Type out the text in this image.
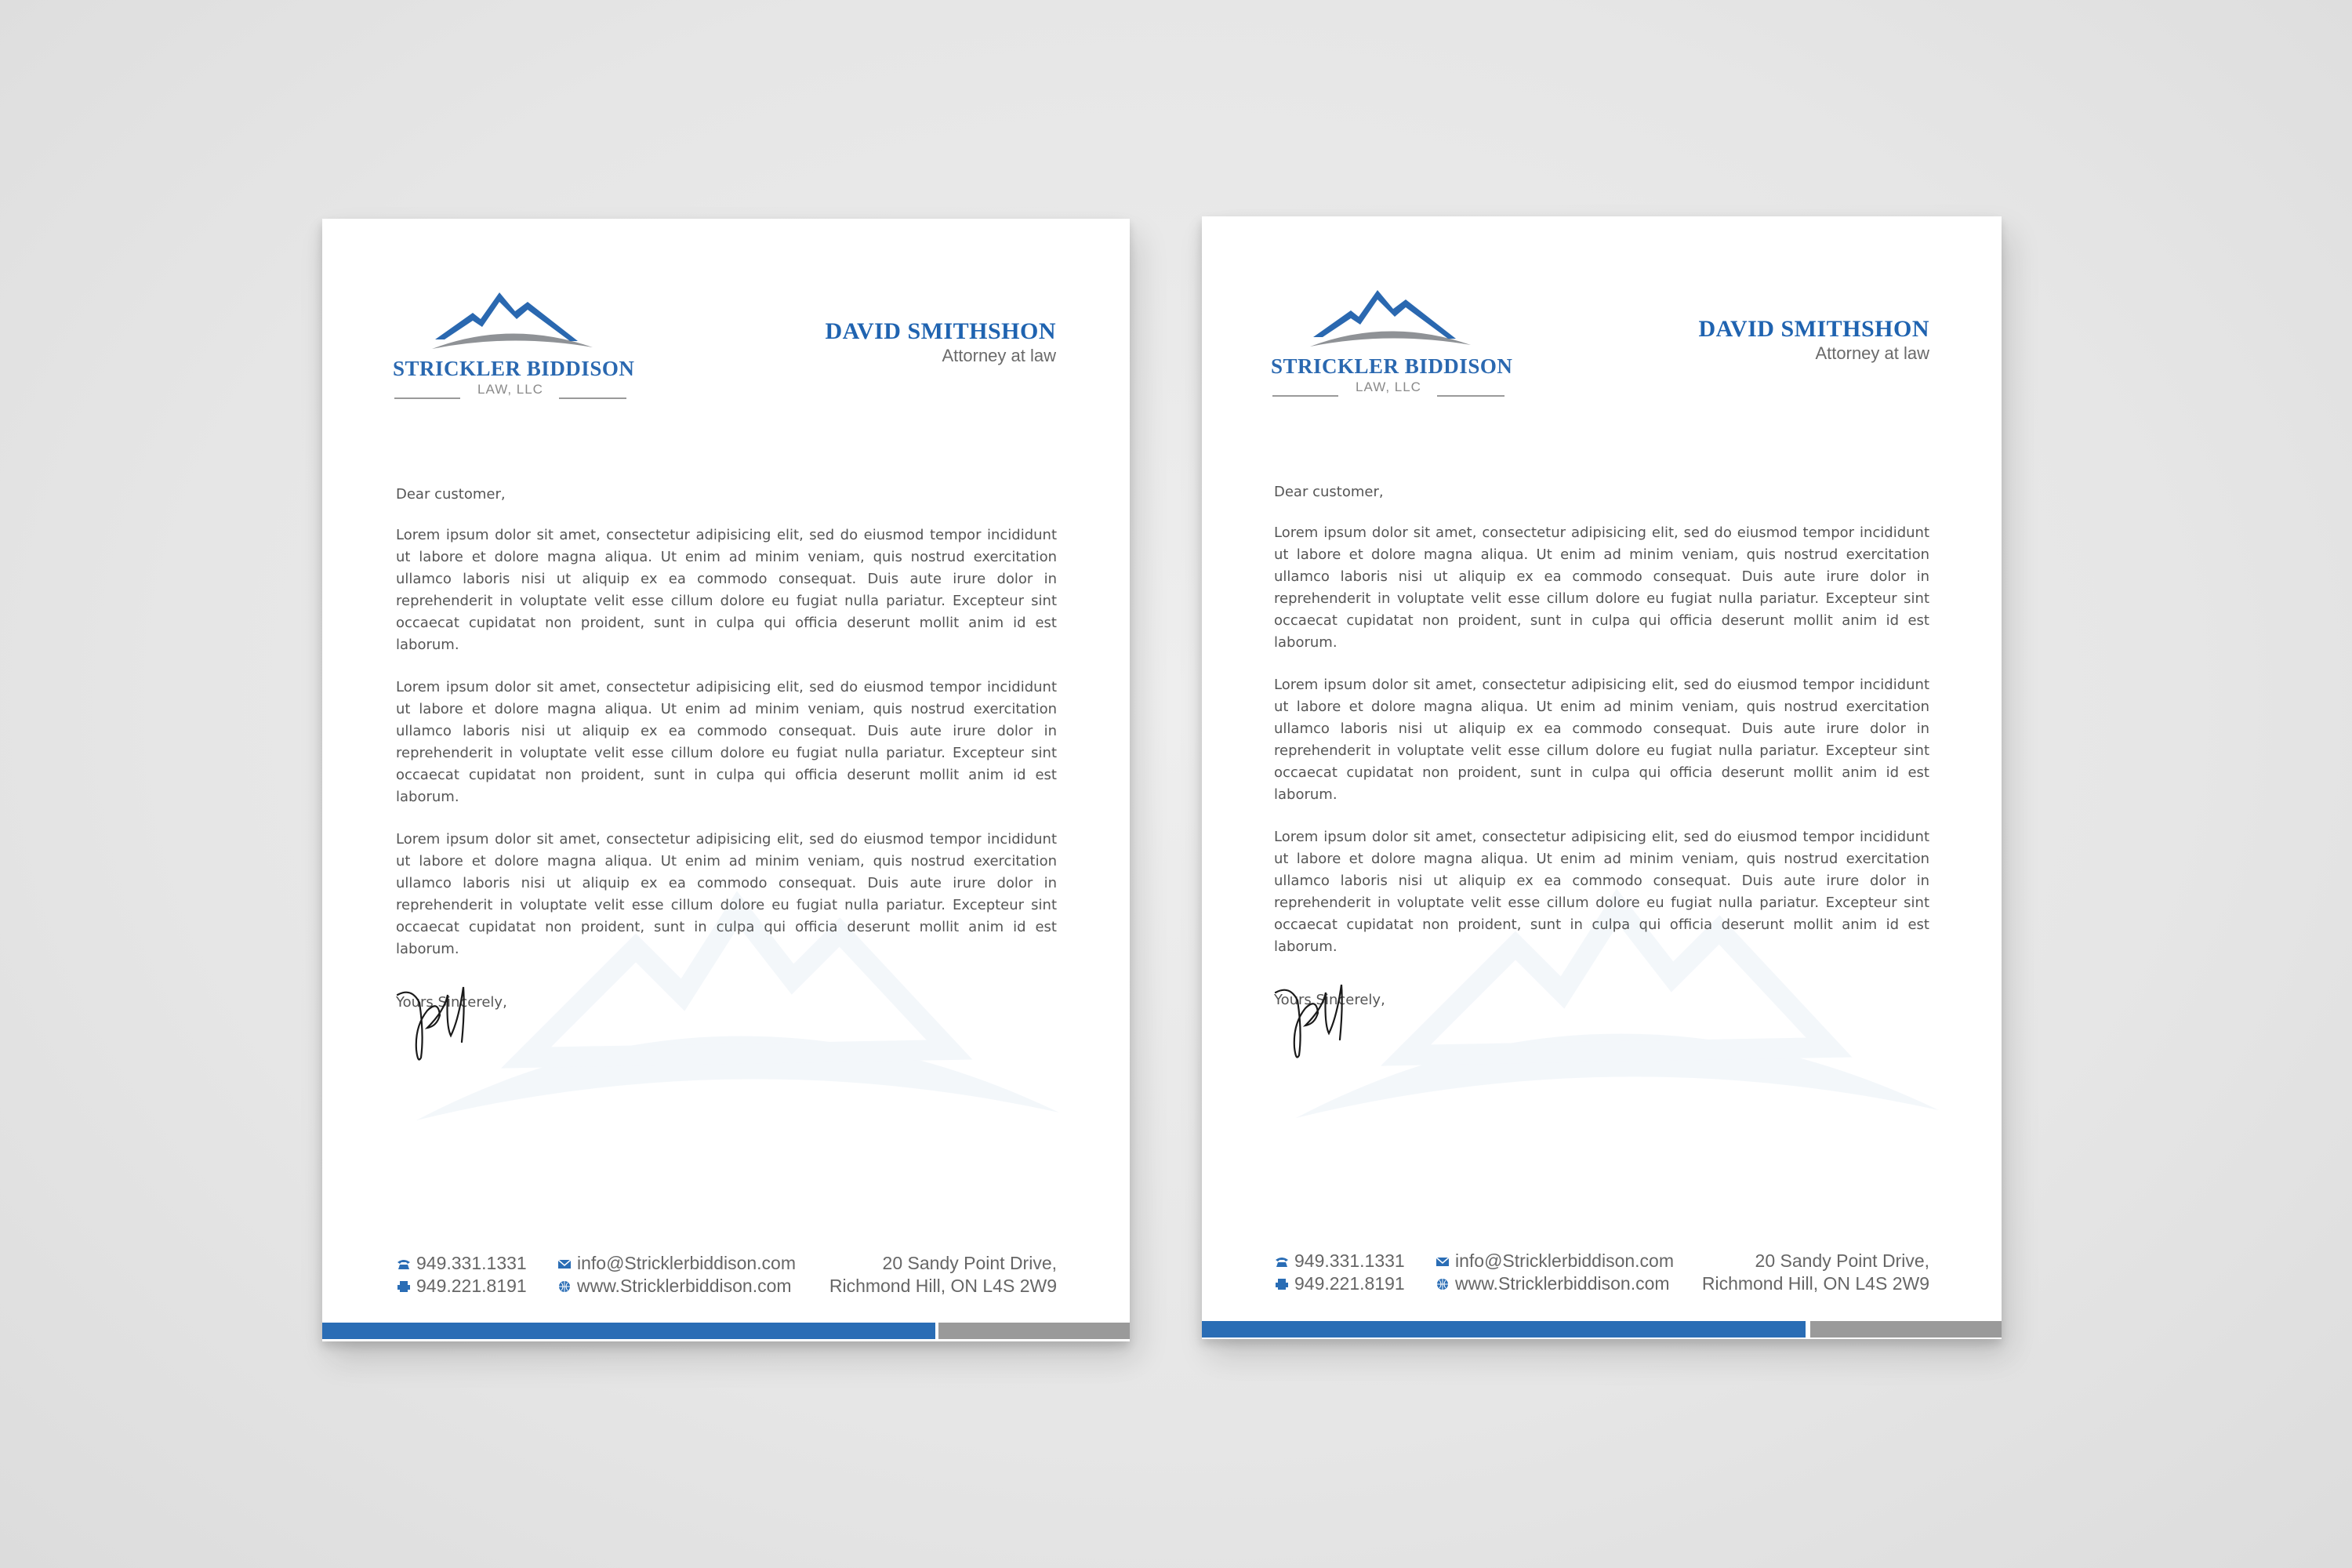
STRICKLER BIDDISON
LAW, LLC
DAVID SMITHSHON
Attorney at law

Dear customer,

Lorem ipsum dolor sit amet, consectetur adipisicing elit, sed do eiusmod tempor incididunt ut labore et dolore magna aliqua. Ut enim ad minim veniam, quis nostrud exercitation ullamco laboris nisi ut aliquip ex ea commodo consequat. Duis aute irure dolor in reprehenderit in voluptate velit esse cillum dolore eu fugiat nulla pariatur. Excepteur sint occaecat cupidatat non proident, sunt in culpa qui officia deserunt mollit anim id est laborum.

Lorem ipsum dolor sit amet, consectetur adipisicing elit, sed do eiusmod tempor incididunt ut labore et dolore magna aliqua. Ut enim ad minim veniam, quis nostrud exercitation ullamco laboris nisi ut aliquip ex ea commodo consequat. Duis aute irure dolor in reprehenderit in voluptate velit esse cillum dolore eu fugiat nulla pariatur. Excepteur sint occaecat cupidatat non proident, sunt in culpa qui officia deserunt mollit anim id est laborum.

Lorem ipsum dolor sit amet, consectetur adipisicing elit, sed do eiusmod tempor incididunt ut labore et dolore magna aliqua. Ut enim ad minim veniam, quis nostrud exercitation ullamco laboris nisi ut aliquip ex ea commodo consequat. Duis aute irure dolor in reprehenderit in voluptate velit esse cillum dolore eu fugiat nulla pariatur. Excepteur sint occaecat cupidatat non proident, sunt in culpa qui officia deserunt mollit anim id est laborum.

Yours Sincerely,

949.331.1331
949.221.8191
info@Stricklerbiddison.com
www.Stricklerbiddison.com
20 Sandy Point Drive,
Richmond Hill, ON L4S 2W9
STRICKLER BIDDISON
LAW, LLC
DAVID SMITHSHON
Attorney at law

Dear customer,

Lorem ipsum dolor sit amet, consectetur adipisicing elit, sed do eiusmod tempor incididunt ut labore et dolore magna aliqua. Ut enim ad minim veniam, quis nostrud exercitation ullamco laboris nisi ut aliquip ex ea commodo consequat. Duis aute irure dolor in reprehenderit in voluptate velit esse cillum dolore eu fugiat nulla pariatur. Excepteur sint occaecat cupidatat non proident, sunt in culpa qui officia deserunt mollit anim id est laborum.

Lorem ipsum dolor sit amet, consectetur adipisicing elit, sed do eiusmod tempor incididunt ut labore et dolore magna aliqua. Ut enim ad minim veniam, quis nostrud exercitation ullamco laboris nisi ut aliquip ex ea commodo consequat. Duis aute irure dolor in reprehenderit in voluptate velit esse cillum dolore eu fugiat nulla pariatur. Excepteur sint occaecat cupidatat non proident, sunt in culpa qui officia deserunt mollit anim id est laborum.

Lorem ipsum dolor sit amet, consectetur adipisicing elit, sed do eiusmod tempor incididunt ut labore et dolore magna aliqua. Ut enim ad minim veniam, quis nostrud exercitation ullamco laboris nisi ut aliquip ex ea commodo consequat. Duis aute irure dolor in reprehenderit in voluptate velit esse cillum dolore eu fugiat nulla pariatur. Excepteur sint occaecat cupidatat non proident, sunt in culpa qui officia deserunt mollit anim id est laborum.

Yours Sincerely,

949.331.1331
949.221.8191
info@Stricklerbiddison.com
www.Stricklerbiddison.com
20 Sandy Point Drive,
Richmond Hill, ON L4S 2W9
